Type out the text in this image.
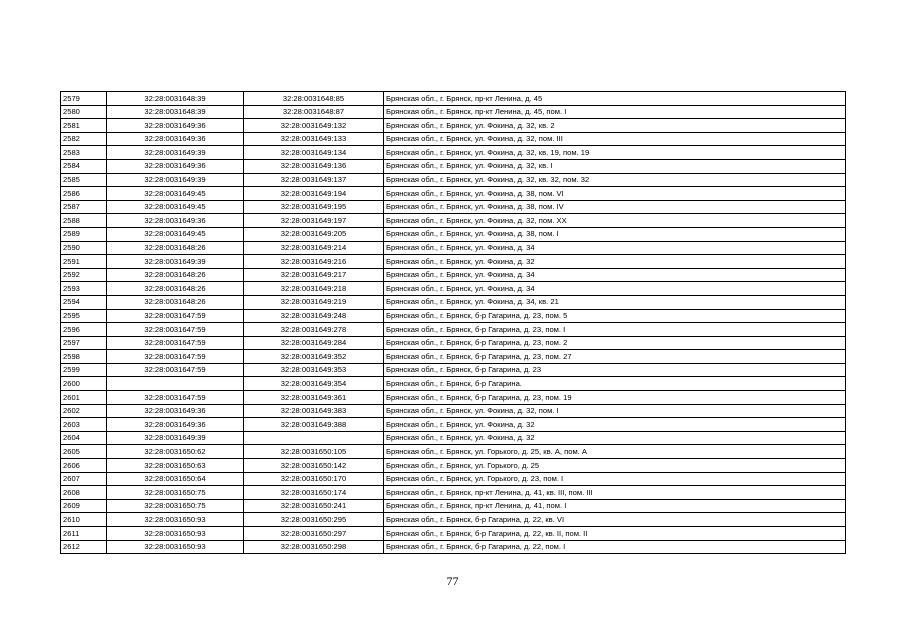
2579	32:28:0031648:39	32:28:0031648:85	Брянская обл., г. Брянск, пр-кт Ленина, д. 45
2580	32:28:0031648:39	32:28:0031648:87	Брянская обл., г. Брянск, пр-кт Ленина, д. 45, пом. I
2581	32:28:0031649:36	32:28:0031649:132	Брянская обл., г. Брянск, ул. Фокина, д. 32, кв. 2
2582	32:28:0031649:36	32:28:0031649:133	Брянская обл., г. Брянск, ул. Фокина, д. 32, пом. III
2583	32:28:0031649:39	32:28:0031649:134	Брянская обл., г. Брянск, ул. Фокина, д. 32, кв. 19, пом. 19
2584	32:28:0031649:36	32:28:0031649:136	Брянская обл., г. Брянск, ул. Фокина, д. 32, кв. I
2585	32:28:0031649:39	32:28:0031649:137	Брянская обл., г. Брянск, ул. Фокина, д. 32, кв. 32, пом. 32
2586	32:28:0031649:45	32:28:0031649:194	Брянская обл., г. Брянск, ул. Фокина, д. 38, пом. VI
2587	32:28:0031649:45	32:28:0031649:195	Брянская обл., г. Брянск, ул. Фокина, д. 38, пом. IV
2588	32:28:0031649:36	32:28:0031649:197	Брянская обл., г. Брянск, ул. Фокина, д. 32, пом. XX
2589	32:28:0031649:45	32:28:0031649:205	Брянская обл., г. Брянск, ул. Фокина, д. 38, пом. I
2590	32:28:0031648:26	32:28:0031649:214	Брянская обл., г. Брянск, ул. Фокина, д. 34
2591	32:28:0031649:39	32:28:0031649:216	Брянская обл., г. Брянск, ул. Фокина, д. 32
2592	32:28:0031648:26	32:28:0031649:217	Брянская обл., г. Брянск, ул. Фокина, д. 34
2593	32:28:0031648:26	32:28:0031649:218	Брянская обл., г. Брянск, ул. Фокина, д. 34
2594	32:28:0031648:26	32:28:0031649:219	Брянская обл., г. Брянск, ул. Фокина, д. 34, кв. 21
2595	32:28:0031647:59	32:28:0031649:248	Брянская обл., г. Брянск, б-р Гагарина, д. 23, пом. 5
2596	32:28:0031647:59	32:28:0031649:278	Брянская обл., г. Брянск, б-р Гагарина, д. 23, пом. I
2597	32:28:0031647:59	32:28:0031649:284	Брянская обл., г. Брянск, б-р Гагарина, д. 23, пом. 2
2598	32:28:0031647:59	32:28:0031649:352	Брянская обл., г. Брянск, б-р Гагарина, д. 23, пом. 27
2599	32:28:0031647:59	32:28:0031649:353	Брянская обл., г. Брянск, б-р Гагарина, д. 23
2600		32:28:0031649:354	Брянская обл., г. Брянск, б-р Гагарина.
2601	32:28:0031647:59	32:28:0031649:361	Брянская обл., г. Брянск, б-р Гагарина, д. 23, пом. 19
2602	32:28:0031649:36	32:28:0031649:383	Брянская обл., г. Брянск, ул. Фокина, д. 32, пом. I
2603	32:28:0031649:36	32:28:0031649:388	Брянская обл., г. Брянск, ул. Фокина, д. 32
2604	32:28:0031649:39		Брянская обл., г. Брянск, ул. Фокина, д. 32
2605	32:28:0031650:62	32:28:0031650:105	Брянская обл., г. Брянск, ул. Горького, д. 25, кв. А, пом. А
2606	32:28:0031650:63	32:28:0031650:142	Брянская обл., г. Брянск, ул. Горького, д. 25
2607	32:28:0031650:64	32:28:0031650:170	Брянская обл., г. Брянск, ул. Горького, д. 23, пом. I
2608	32:28:0031650:75	32:28:0031650:174	Брянская обл., г. Брянск, пр-кт Ленина, д. 41, кв. III, пом. III
2609	32:28:0031650:75	32:28:0031650:241	Брянская обл., г. Брянск, пр-кт Ленина, д. 41, пом. I
2610	32:28:0031650:93	32:28:0031650:295	Брянская обл., г. Брянск, б-р Гагарина, д. 22, кв. VI
2611	32:28:0031650:93	32:28:0031650:297	Брянская обл., г. Брянск, б-р Гагарина, д. 22, кв. II, пом. II
2612	32:28:0031650:93	32:28:0031650:298	Брянская обл., г. Брянск, б-р Гагарина, д. 22, пом. I
77
